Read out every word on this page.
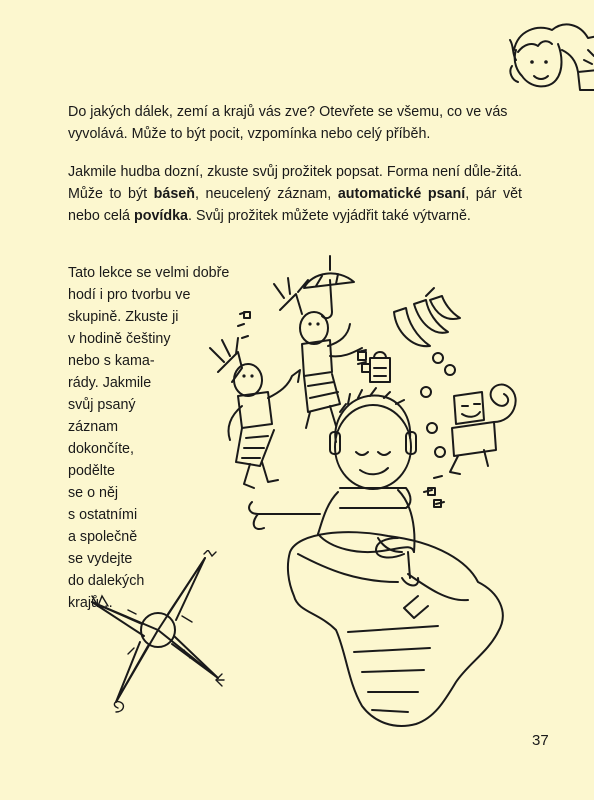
Do jakých dálek, zemí a krajů vás zve? Otevřete se všemu, co ve vás
vyvolává. Může to být pocit, vzpomínka nebo celý příběh.

Jakmile hudba dozní, zkuste svůj prožitek popsat. Forma není důle-žitá. Může to být báseň, neucelený záznam, automatické psaní, pár vět nebo celá povídka. Svůj prožitek můžete vyjádřit také výtvarně.

Tato lekce se velmi dobře
hodí i pro tvorbu ve
skupině. Zkuste ji
v hodině češtiny
nebo s kama-
rády. Jakmile
svůj psaný
záznam
dokončíte,
podělte
se o něj
s ostatními
a společně
se vydejte
do dalekých
krajů…
37
